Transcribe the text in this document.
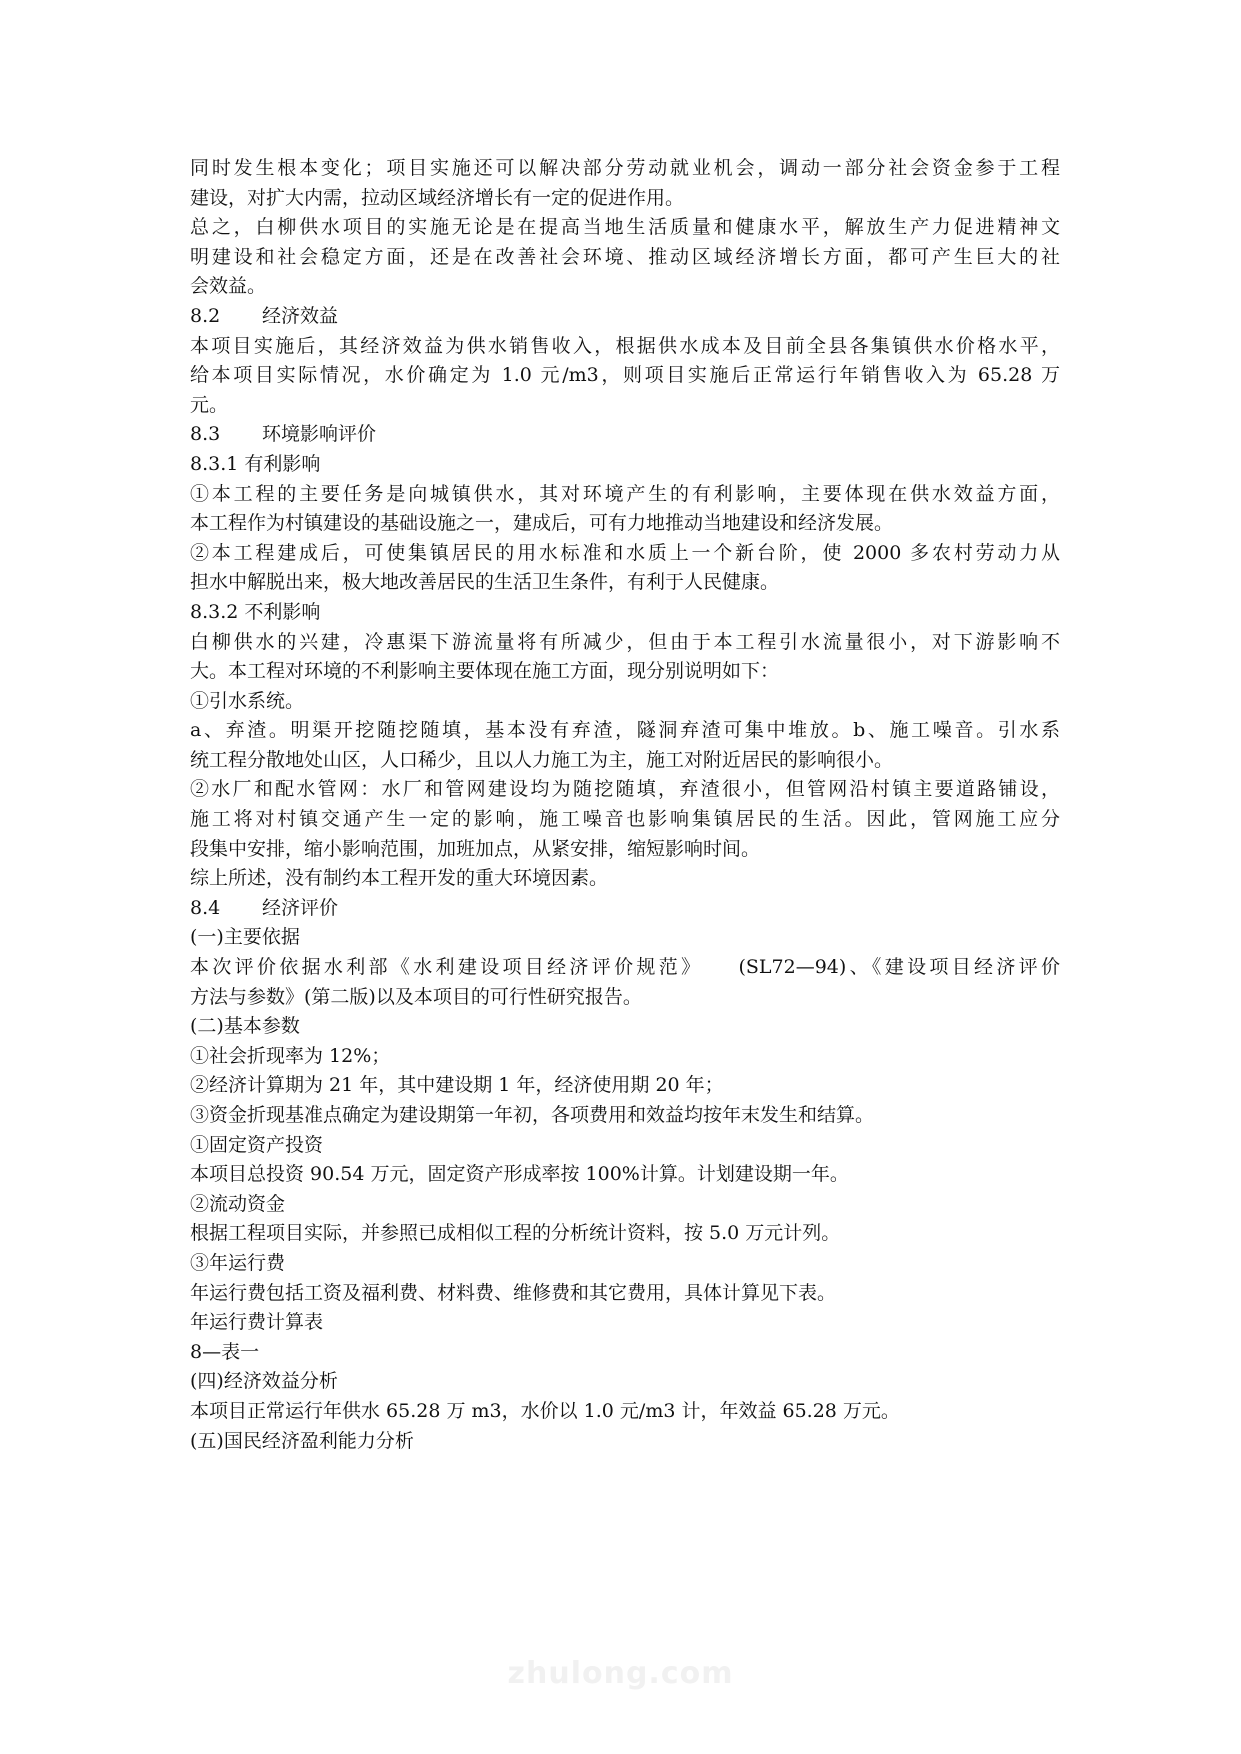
同时发生根本变化；项目实施还可以解决部分劳动就业机会，调动一部分社会资金参于工程
建设，对扩大内需，拉动区域经济增长有一定的促进作用。
总之，白柳供水项目的实施无论是在提高当地生活质量和健康水平，解放生产力促进精神文
明建设和社会稳定方面，还是在改善社会环境、推动区域经济增长方面，都可产生巨大的社
会效益。
8.2 经济效益
本项目实施后，其经济效益为供水销售收入，根据供水成本及目前全县各集镇供水价格水平，
给本项目实际情况，水价确定为 1.0 元/m3，则项目实施后正常运行年销售收入为 65.28 万
元。
8.3 环境影响评价
8.3.1 有利影响
①本工程的主要任务是向城镇供水，其对环境产生的有利影响，主要体现在供水效益方面，
本工程作为村镇建设的基础设施之一，建成后，可有力地推动当地建设和经济发展。
②本工程建成后，可使集镇居民的用水标准和水质上一个新台阶，使 2000 多农村劳动力从
担水中解脱出来，极大地改善居民的生活卫生条件，有利于人民健康。
8.3.2 不利影响
白柳供水的兴建，冷惠渠下游流量将有所减少，但由于本工程引水流量很小，对下游影响不
大。本工程对环境的不利影响主要体现在施工方面，现分别说明如下：
①引水系统。
a、弃渣。明渠开挖随挖随填，基本没有弃渣，隧洞弃渣可集中堆放。b、施工噪音。引水系
统工程分散地处山区，人口稀少，且以人力施工为主，施工对附近居民的影响很小。
②水厂和配水管网：水厂和管网建设均为随挖随填，弃渣很小，但管网沿村镇主要道路铺设，
施工将对村镇交通产生一定的影响，施工噪音也影响集镇居民的生活。因此，管网施工应分
段集中安排，缩小影响范围，加班加点，从紧安排，缩短影响时间。
综上所述，没有制约本工程开发的重大环境因素。
8.4 经济评价
(一)主要依据
本次评价依据水利部《水利建设项目经济评价规范》　　(SL72—94)、《建设项目经济评价
方法与参数》(第二版)以及本项目的可行性研究报告。
(二)基本参数
①社会折现率为 12%；
②经济计算期为 21 年，其中建设期 1 年，经济使用期 20 年；
③资金折现基准点确定为建设期第一年初，各项费用和效益均按年末发生和结算。
①固定资产投资
本项目总投资 90.54 万元，固定资产形成率按 100%计算。计划建设期一年。
②流动资金
根据工程项目实际，并参照已成相似工程的分析统计资料，按 5.0 万元计列。
③年运行费
年运行费包括工资及福利费、材料费、维修费和其它费用，具体计算见下表。
年运行费计算表
8—表一
(四)经济效益分析
本项目正常运行年供水 65.28 万 m3，水价以 1.0 元/m3 计，年效益 65.28 万元。
(五)国民经济盈利能力分析
zhulong.com
